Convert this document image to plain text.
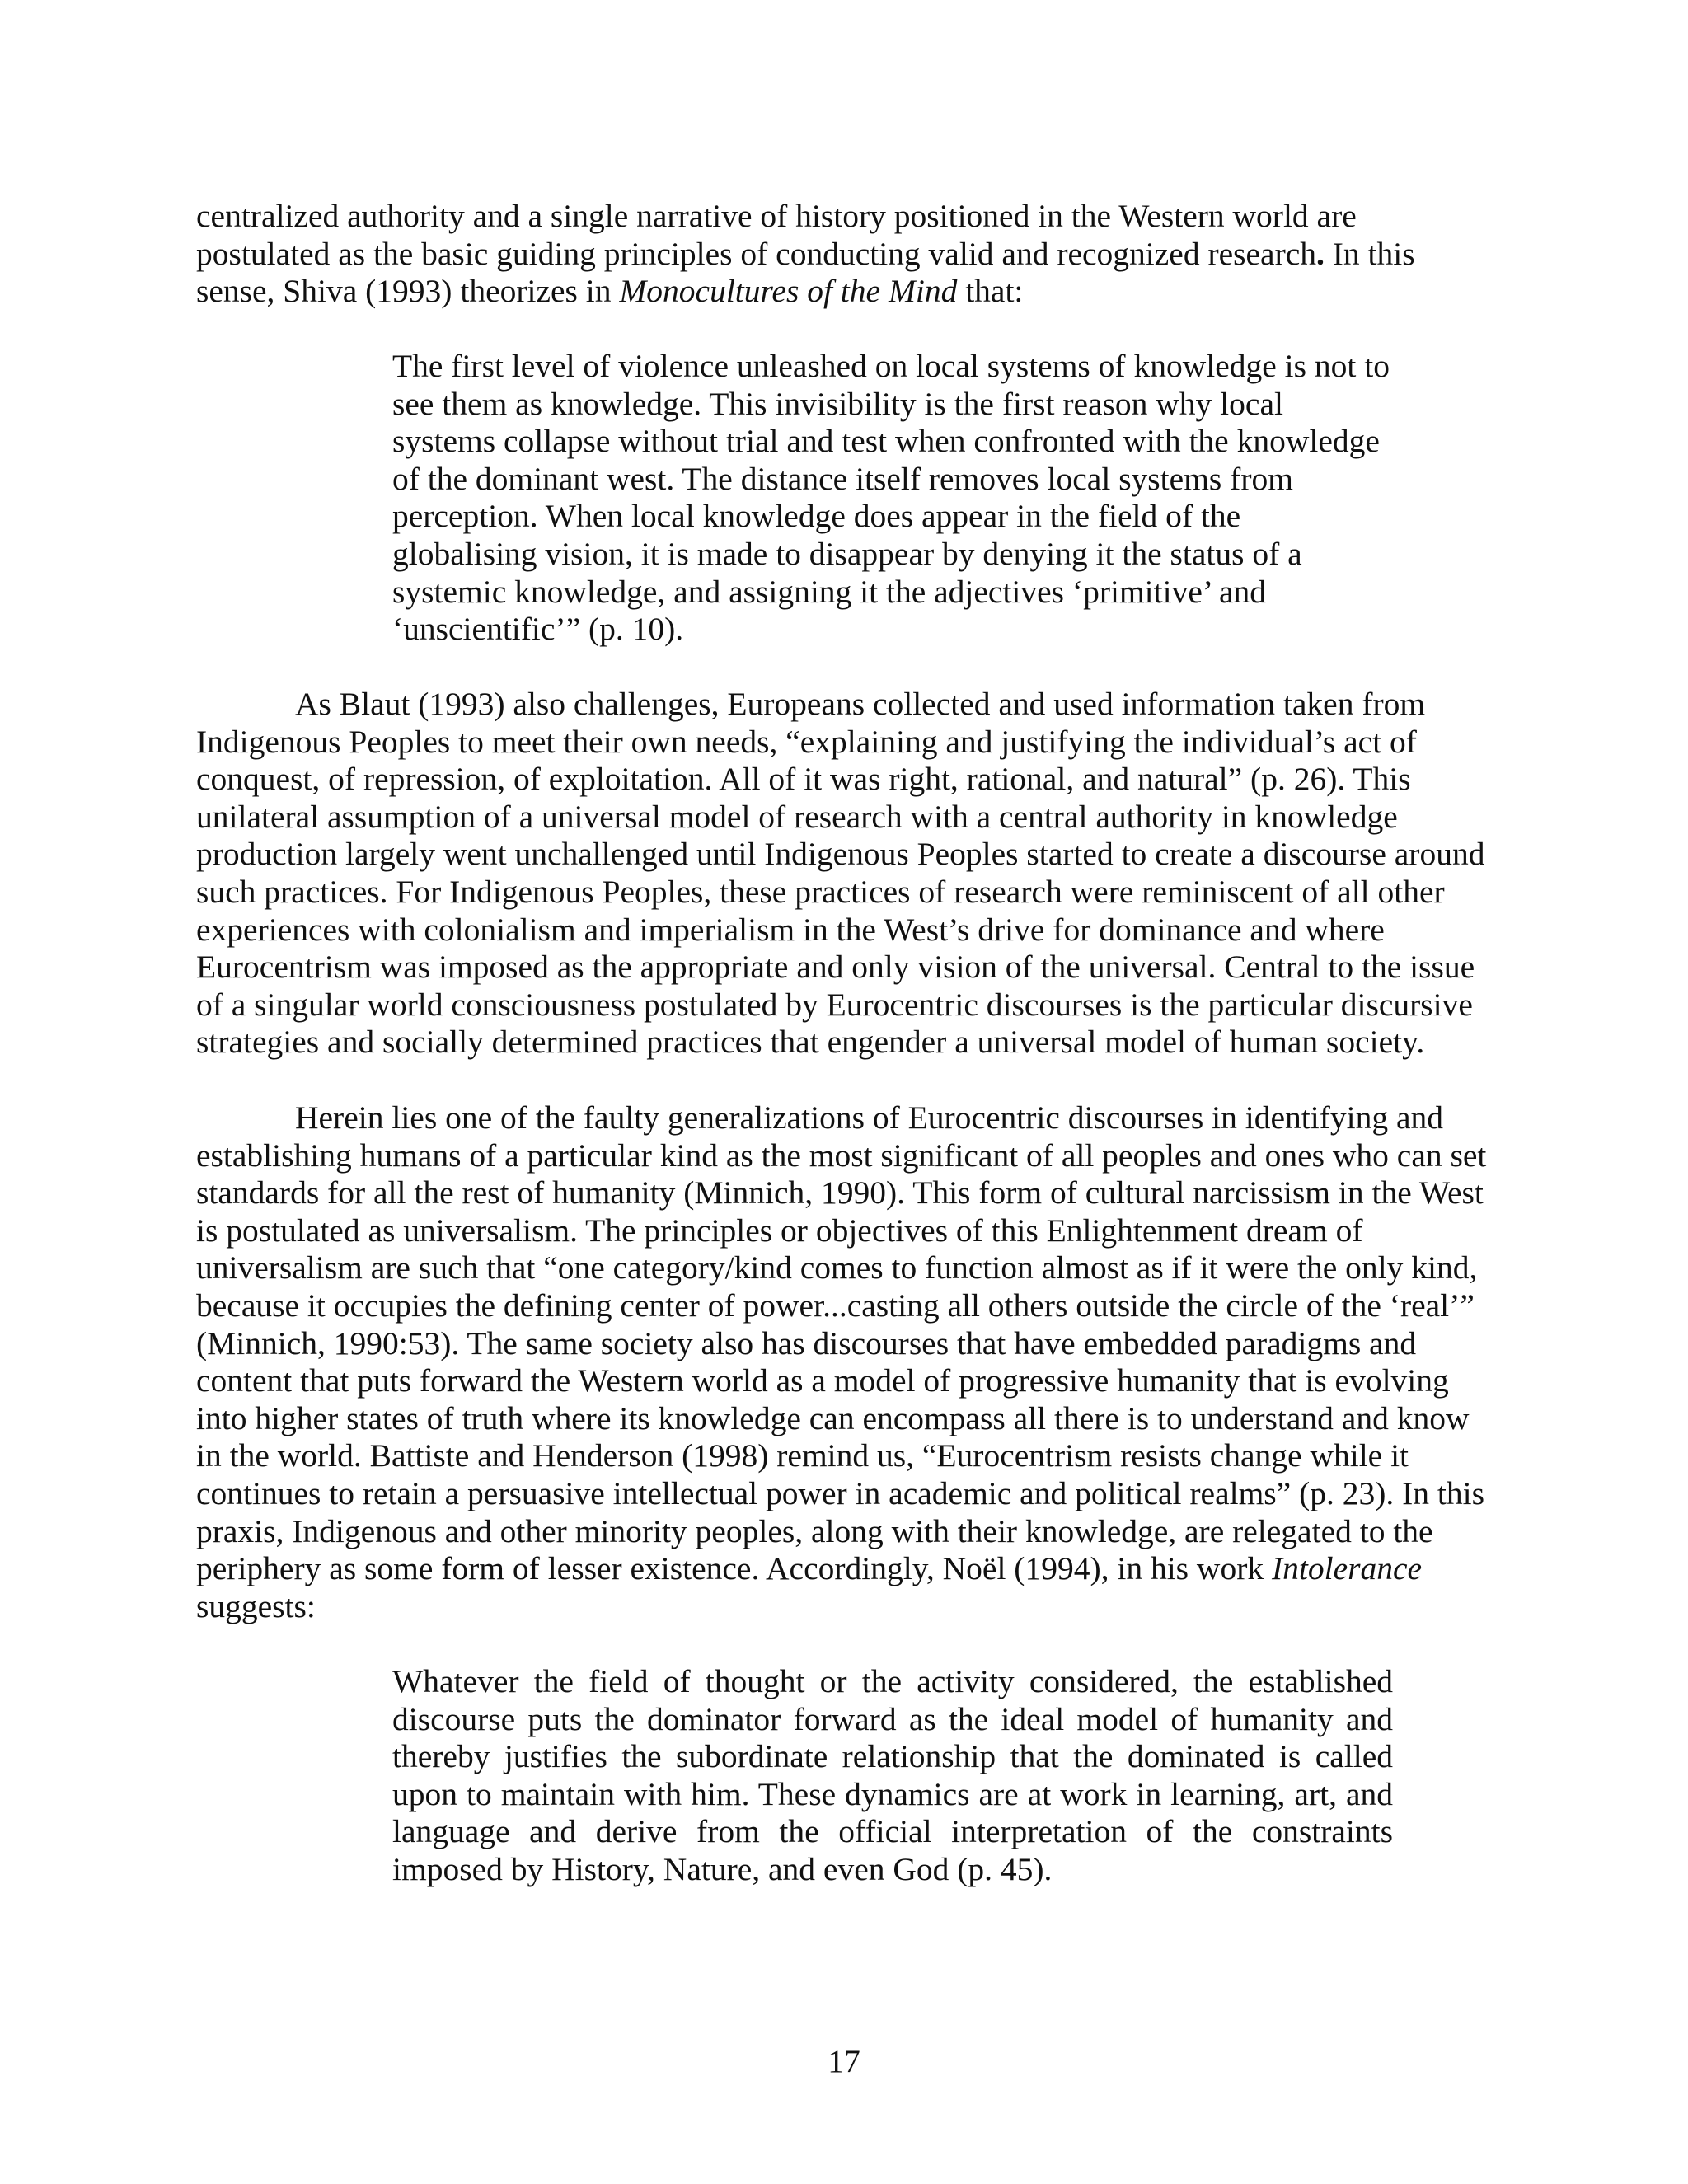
centralized authority and a single narrative of history positioned in the Western world are postulated as the basic guiding principles of conducting valid and recognized research. In this sense, Shiva (1993) theorizes in Monocultures of the Mind that:

The first level of violence unleashed on local systems of knowledge is not to see them as knowledge. This invisibility is the first reason why local systems collapse without trial and test when confronted with the knowledge of the dominant west. The distance itself removes local systems from perception. When local knowledge does appear in the field of the globalising vision, it is made to disappear by denying it the status of a systemic knowledge, and assigning it the adjectives ‘primitive’ and ‘unscientific’” (p. 10).

As Blaut (1993) also challenges, Europeans collected and used information taken from Indigenous Peoples to meet their own needs, “explaining and justifying the individual’s act of conquest, of repression, of exploitation. All of it was right, rational, and natural” (p. 26). This unilateral assumption of a universal model of research with a central authority in knowledge production largely went unchallenged until Indigenous Peoples started to create a discourse around such practices. For Indigenous Peoples, these practices of research were reminiscent of all other experiences with colonialism and imperialism in the West’s drive for dominance and where Eurocentrism was imposed as the appropriate and only vision of the universal. Central to the issue of a singular world consciousness postulated by Eurocentric discourses is the particular discursive strategies and socially determined practices that engender a universal model of human society.

Herein lies one of the faulty generalizations of Eurocentric discourses in identifying and establishing humans of a particular kind as the most significant of all peoples and ones who can set standards for all the rest of humanity (Minnich, 1990). This form of cultural narcissism in the West is postulated as universalism. The principles or objectives of this Enlightenment dream of universalism are such that “one category/kind comes to function almost as if it were the only kind, because it occupies the defining center of power...casting all others outside the circle of the ‘real’” (Minnich, 1990:53). The same society also has discourses that have embedded paradigms and content that puts forward the Western world as a model of progressive humanity that is evolving into higher states of truth where its knowledge can encompass all there is to understand and know in the world. Battiste and Henderson (1998) remind us, “Eurocentrism resists change while it continues to retain a persuasive intellectual power in academic and political realms” (p. 23). In this praxis, Indigenous and other minority peoples, along with their knowledge, are relegated to the periphery as some form of lesser existence. Accordingly, Noël (1994), in his work Intolerance suggests:

Whatever the field of thought or the activity considered, the established discourse puts the dominator forward as the ideal model of humanity and thereby justifies the subordinate relationship that the dominated is called upon to maintain with him. These dynamics are at work in learning, art, and language and derive from the official interpretation of the constraints imposed by History, Nature, and even God (p. 45).

17
